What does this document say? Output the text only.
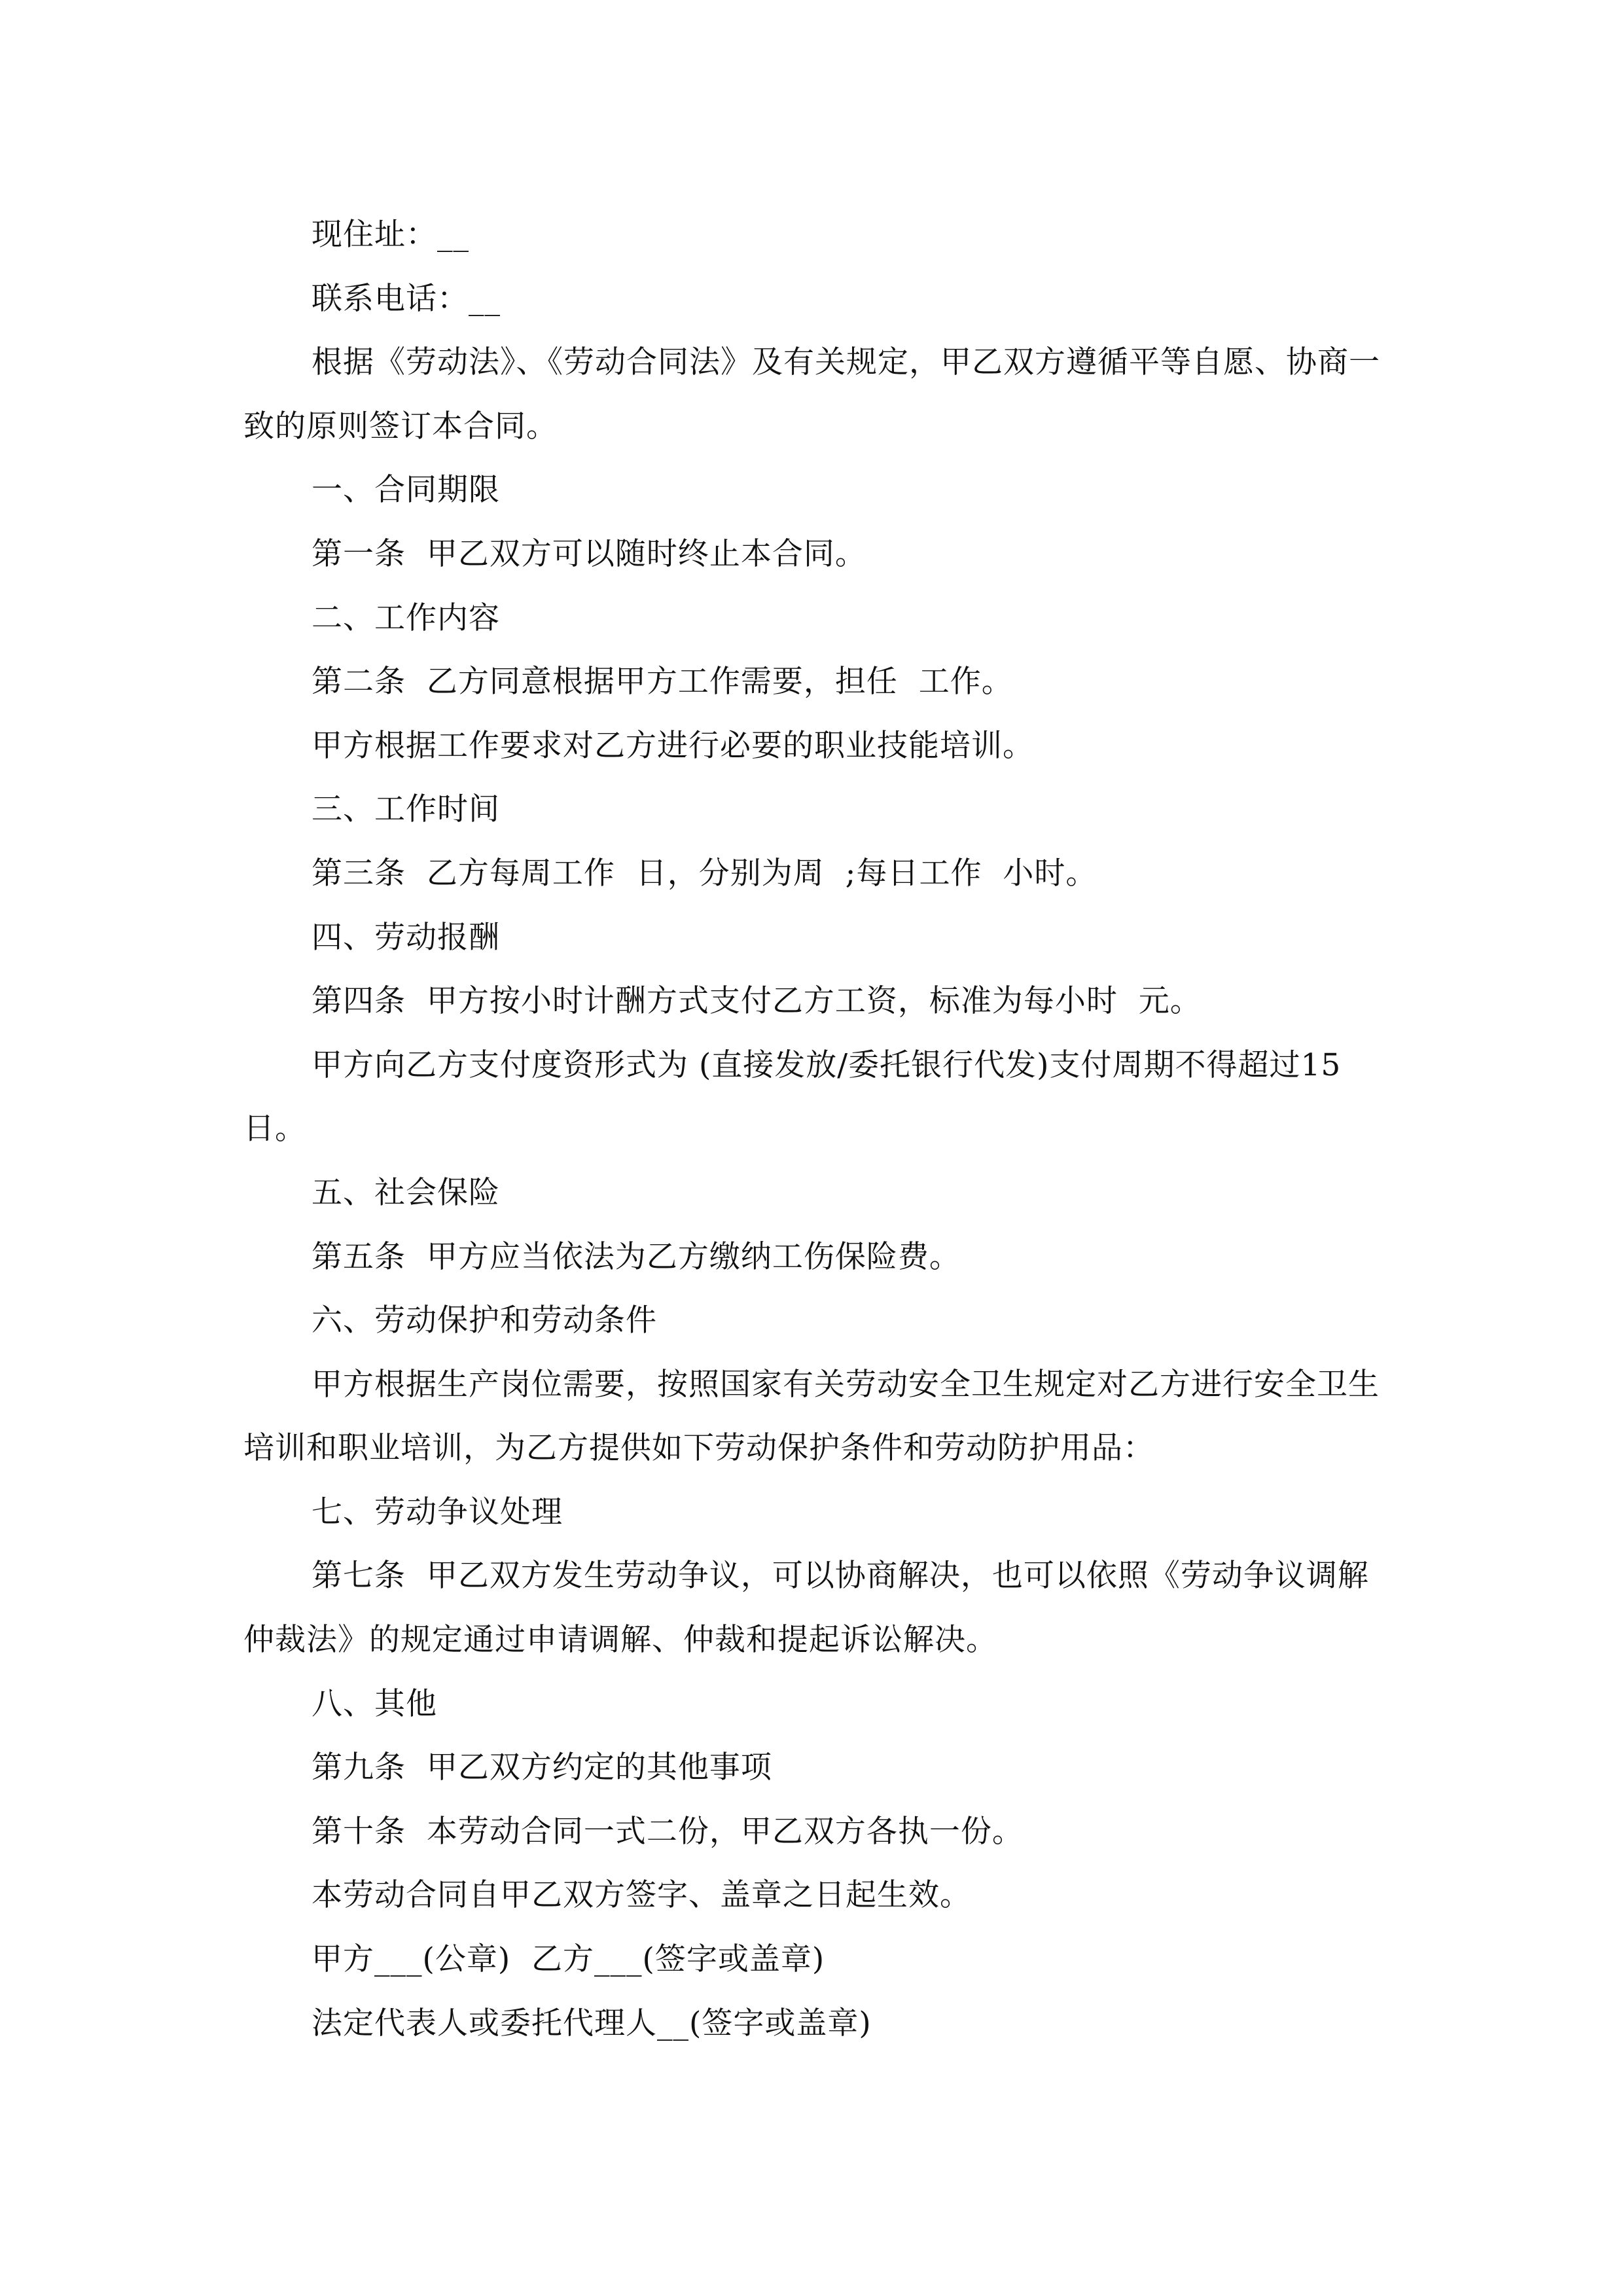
现住址：__

联系电话：__

根据《劳动法》、《劳动合同法》及有关规定，甲乙双方遵循平等自愿、协商一致的原则签订本合同。

一、合同期限

第一条  甲乙双方可以随时终止本合同。

二、工作内容

第二条  乙方同意根据甲方工作需要，担任  工作。

甲方根据工作要求对乙方进行必要的职业技能培训。

三、工作时间

第三条  乙方每周工作  日，分别为周  ;每日工作  小时。

四、劳动报酬

第四条  甲方按小时计酬方式支付乙方工资，标准为每小时  元。

甲方向乙方支付度资形式为 (直接发放/委托银行代发)支付周期不得超过15日。

五、社会保险

第五条  甲方应当依法为乙方缴纳工伤保险费。

六、劳动保护和劳动条件

甲方根据生产岗位需要，按照国家有关劳动安全卫生规定对乙方进行安全卫生培训和职业培训，为乙方提供如下劳动保护条件和劳动防护用品：

七、劳动争议处理

第七条  甲乙双方发生劳动争议，可以协商解决，也可以依照《劳动争议调解仲裁法》的规定通过申请调解、仲裁和提起诉讼解决。

八、其他

第九条  甲乙双方约定的其他事项

第十条  本劳动合同一式二份，甲乙双方各执一份。

本劳动合同自甲乙双方签字、盖章之日起生效。

甲方___(公章)  乙方___(签字或盖章)

法定代表人或委托代理人__(签字或盖章)
